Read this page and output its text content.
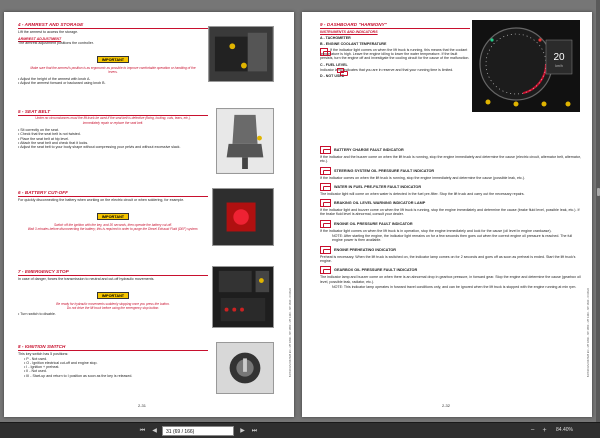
4 - ARMREST AND STORAGE
Lift the armrest to access the storage.
ARMREST ADJUSTMENT
The armrest adjustment positions the controller.
IMPORTANT
Make sure that the armrest's position is as ergonomic as possible to improve comfortable operation or handling of the levers.
• Adjust the height of the armrest with knob A.
• Adjust the armrest forward or backward using knob B.
5 - SEAT BELT
Under no circumstances must the lift truck be used if the seat belt is defective (fixing, locking, cuts, tears, etc.).
Immediately repair or replace the seat belt.
• Sit correctly on the seat.
• Check that the seat belt is not twisted.
• Place the seat belt at hip level.
• Attach the seat belt and check that it locks.
• Adjust the seat belt to your body shape without compressing your pelvis and without excessive slack.
6 - BATTERY CUT-OFF
For quickly disconnecting the battery when working on the electric circuit or when soldering, for example.
IMPORTANT
Switch off the ignition with the key, and 30 seconds, then operate the battery cut-off.
Wait 3 minutes before disconnecting the battery; this is required in order to purge the Diesel Exhaust Fluid (DEF) system.
7 - EMERGENCY STOP
In case of danger, forces the transmission to neutral and cut-off hydraulic movements.
IMPORTANT
Be ready for hydraulic movements suddenly stopping once you press the button.
Do not drive the lift truck before using the emergency stop button.
• Turn switch to disable.
8 - IGNITION SWITCH
This key switch has 5 positions:
• P - Not used.
• O - Ignition electrical cut-off and engine stop.
• I - Ignition + preheat.
• II - Not used.
• III - Start-up and return to I position as soon as the key is released.
2-31
647619 EN/ 647628 EN - MT 1840 - MT 1850 - MT 1440 - MT 1640 - 07/2022
9 - DASHBOARD "HARMONY"
INSTRUMENTS AND INDICATORS
A - TACHOMETER
B - ENGINE COOLANT TEMPERATURE
If the indicator light comes on when the lift truck is running, this means that the coolant temperature is high. Leave the engine idling to lower the water temperature. If the fault persists, turn the engine off and investigate the cooling circuit for the cause of the malfunction.
C - FUEL LEVEL
Indicator lamp indicates that you are in reserve and that your running time is limited.
D - NOT USED
20
km/h
BATTERY CHARGE FAULT INDICATOR
If the indicator and the buzzer come on when the lift truck is running, stop the engine immediately and determine the cause (electric circuit, alternator belt, alternator, etc.).
STEERING SYSTEM OIL PRESSURE FAULT INDICATOR
If the indicator comes on when the lift truck is running, stop the engine immediately and determine the cause (possible leak, etc.).
WATER IN FUEL PRE-FILTER FAULT INDICATOR
The indicator light will come on when water is detected in the fuel pre-filter. Stop the lift truck and carry out the necessary repairs.
BRAKING OIL LEVEL WARNING INDICATOR LAMP
If the indicator light and buzzer come on when the lift truck is running, stop the engine immediately and determine the cause (brake fluid level, possible leak, etc.). If the brake fluid level is abnormal, consult your dealer.
ENGINE OIL PRESSURE FAULT INDICATOR
If the indicator light comes on when the lift truck is in operation, stop the engine immediately and look for the cause (oil level in engine crankcase).
NOTE: After starting the engine, the indicator light remains on for a few seconds then goes out when the correct engine oil pressure is reached. The full engine power is then available.
ENGINE PREHEATING INDICATOR
Preheat is necessary. When the lift truck is switched on, the indicator lamp comes on for 2 seconds and goes off as soon as preheat is ended. Start the lift truck's engine.
GEARBOX OIL PRESSURE FAULT INDICATOR
The indicator lamp and buzzer come on when there is an abnormal drop in gearbox pressure, in forward gear. Stop the engine and determine the cause (gearbox oil level, possible leak, radiator, etc.).
NOTE: This indicator lamp operates in forward travel conditions only, and can be ignored when the lift truck is stopped with the engine running at min rpm.
2-32
647619 EN/ 647628 EN - MT 1840 - MT 1850 - MT 1440 - MT 1640 - 07/2022
⏮	◀	31 (69 / 166)	▶	⏭	−	+	84.40%
